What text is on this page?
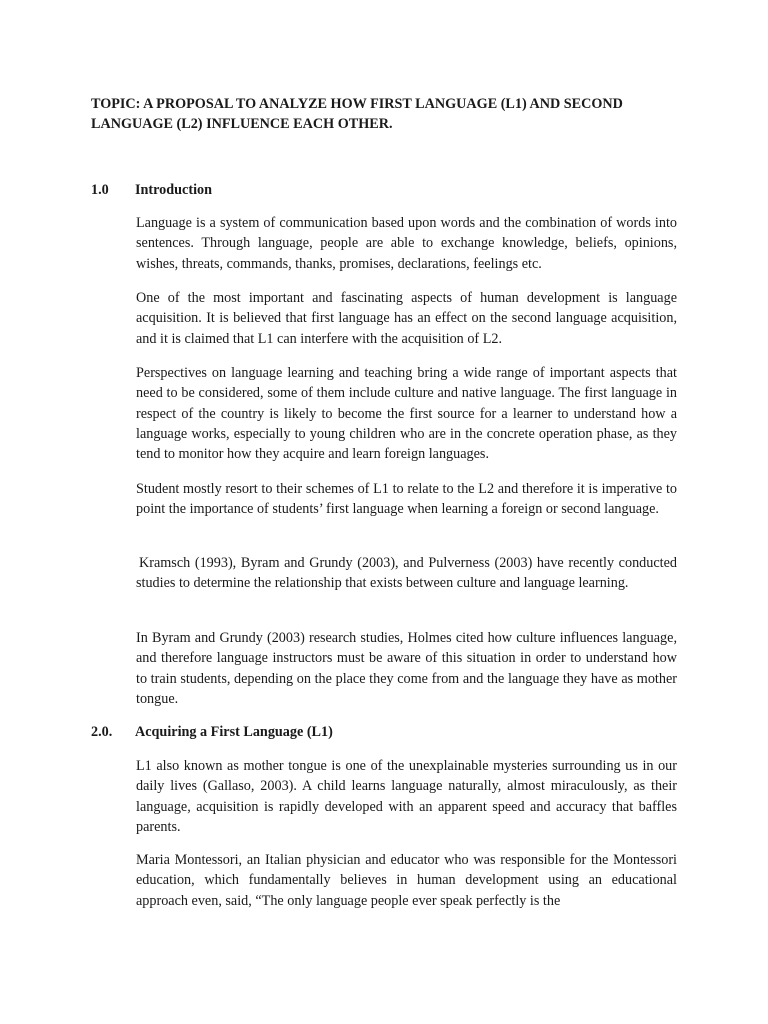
TOPIC: A PROPOSAL TO ANALYZE HOW FIRST LANGUAGE (L1) AND SECOND LANGUAGE (L2) INFLUENCE EACH OTHER.
1.0 Introduction

Language is a system of communication based upon words and the combination of words into sentences. Through language, people are able to exchange knowledge, beliefs, opinions, wishes, threats, commands, thanks, promises, declarations, feelings etc.

One of the most important and fascinating aspects of human development is language acquisition. It is believed that first language has an effect on the second language acquisition, and it is claimed that L1 can interfere with the acquisition of L2.

Perspectives on language learning and teaching bring a wide range of important aspects that need to be considered, some of them include culture and native language. The first language in respect of the country is likely to become the first source for a learner to understand how a language works, especially to young children who are in the concrete operation phase, as they tend to monitor how they acquire and learn foreign languages.

Student mostly resort to their schemes of L1 to relate to the L2 and therefore it is imperative to point the importance of students’ first language when learning a foreign or second language.

Kramsch (1993), Byram and Grundy (2003), and Pulverness (2003) have recently conducted studies to determine the relationship that exists between culture and language learning.

In Byram and Grundy (2003) research studies, Holmes cited how culture influences language, and therefore language instructors must be aware of this situation in order to understand how to train students, depending on the place they come from and the language they have as mother tongue.

2.0. Acquiring a First Language (L1)

L1 also known as mother tongue is one of the unexplainable mysteries surrounding us in our daily lives (Gallaso, 2003). A child learns language naturally, almost miraculously, as their language, acquisition is rapidly developed with an apparent speed and accuracy that baffles parents.

Maria Montessori, an Italian physician and educator who was responsible for the Montessori education, which fundamentally believes in human development using an educational approach even, said, “The only language people ever speak perfectly is the
